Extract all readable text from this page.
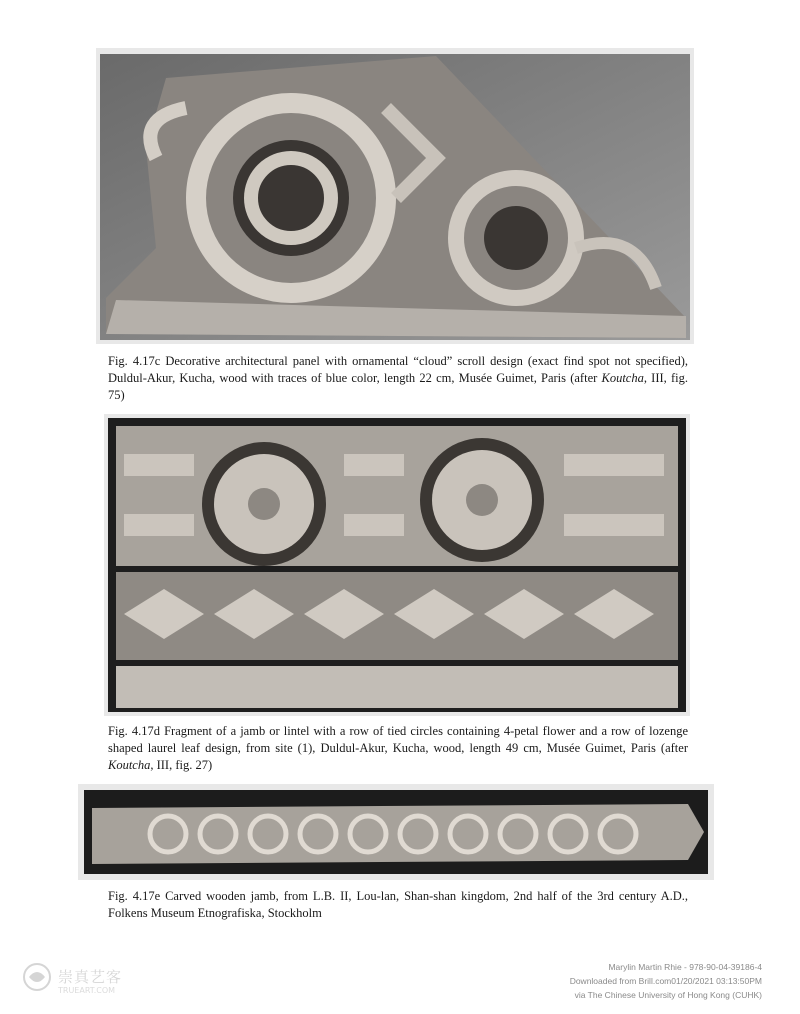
Fig. 4.17c Decorative architectural panel with ornamental “cloud” scroll design (exact find spot not specified), Duldul-Akur, Kucha, wood with traces of blue color, length 22 cm, Musée Guimet, Paris (after Koutcha, III, fig. 75)
Fig. 4.17d Fragment of a jamb or lintel with a row of tied circles containing 4-petal flower and a row of lozenge shaped laurel leaf design, from site (1), Duldul-Akur, Kucha, wood, length 49 cm, Musée Guimet, Paris (after Koutcha, III, fig. 27)
Fig. 4.17e Carved wooden jamb, from L.B. II, Lou-lan, Shan-shan kingdom, 2nd half of the 3rd century A.D., Folkens Museum Etnografiska, Stockholm
崇真艺客
TRUEART.COM
Marylin Martin Rhie - 978-90-04-39186-4
Downloaded from Brill.com01/20/2021 03:13:50PM
via The Chinese University of Hong Kong (CUHK)
